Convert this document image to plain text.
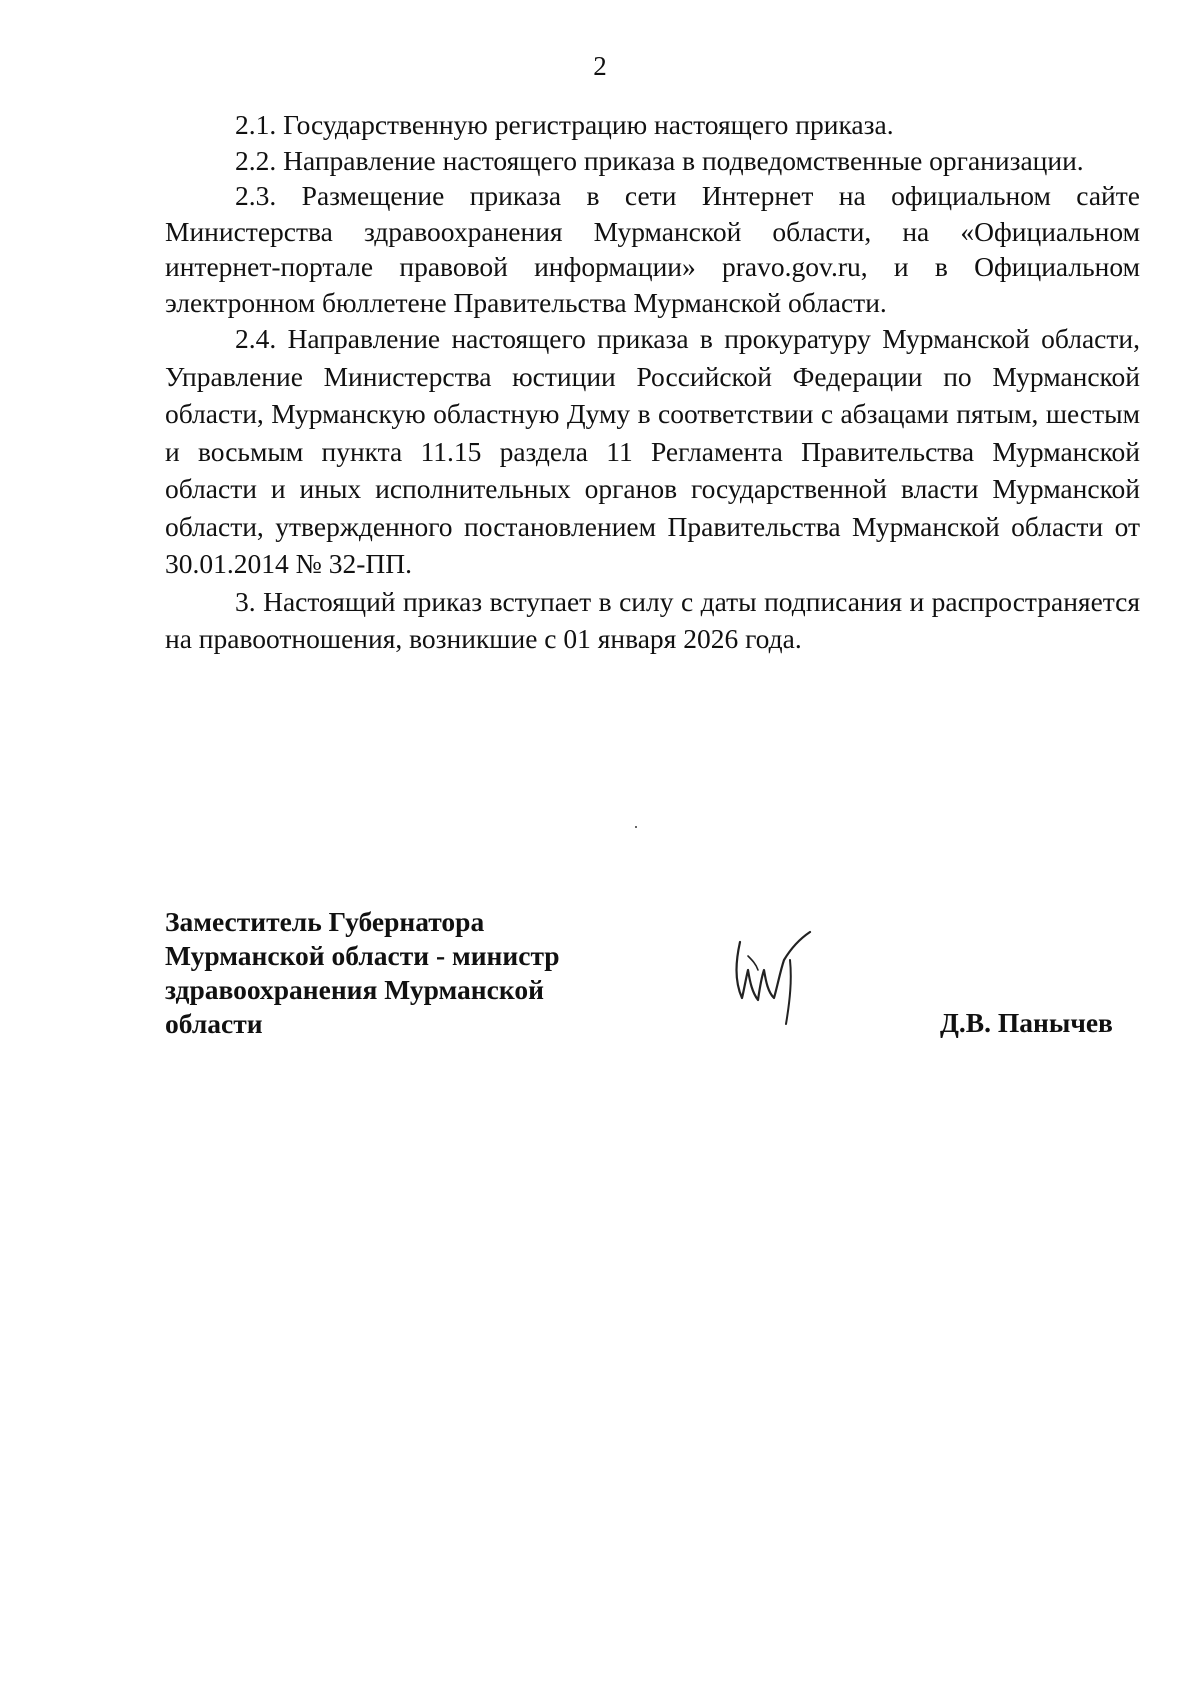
2

2.1. Государственную регистрацию настоящего приказа.

2.2. Направление настоящего приказа в подведомственные организации.

2.3. Размещение приказа в сети Интернет на официальном сайте Министерства здравоохранения Мурманской области, на «Официальном интернет-портале правовой информации» pravo.gov.ru, и в Официальном электронном бюллетене Правительства Мурманской области.

2.4. Направление настоящего приказа в прокуратуру Мурманской области, Управление Министерства юстиции Российской Федерации по Мурманской области, Мурманскую областную Думу в соответствии с абзацами пятым, шестым и восьмым пункта 11.15 раздела 11 Регламента Правительства Мурманской области и иных исполнительных органов государственной власти Мурманской области, утвержденного постановлением Правительства Мурманской области от 30.01.2014 № 32-ПП.

3. Настоящий приказ вступает в силу с даты подписания и распространяется на правоотношения, возникшие с 01 января 2026 года.

Заместитель Губернатора
Мурманской области - министр
здравоохранения Мурманской
области	Д.В. Панычев
